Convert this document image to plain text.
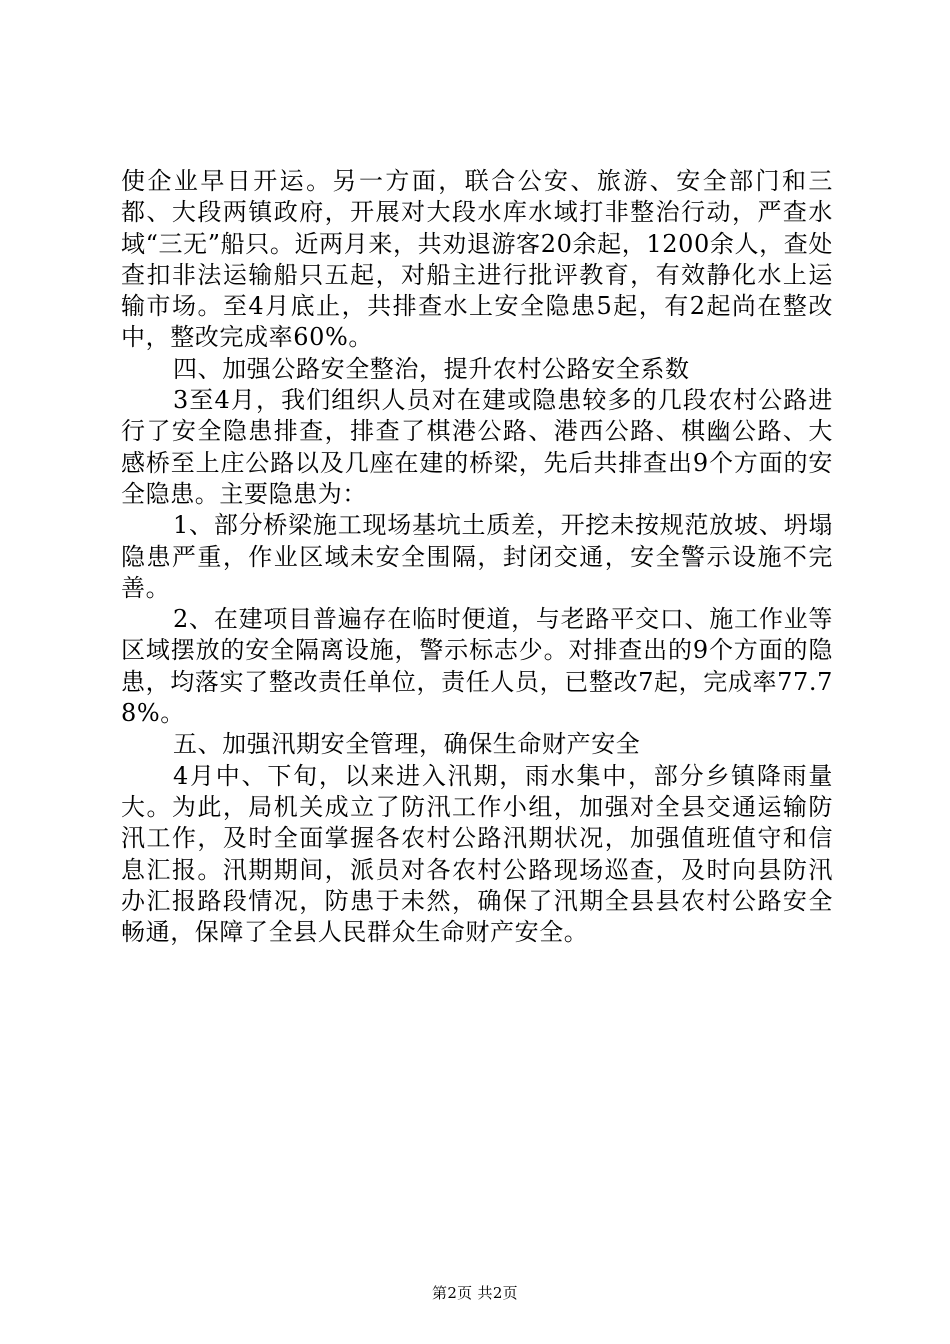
使企业早日开运。另一方面，联合公安、旅游、安全部门和三都、大段两镇政府，开展对大段水库水域打非整治行动，严查水域“三无”船只。近两月来，共劝退游客20余起，1200余人，查处查扣非法运输船只五起，对船主进行批评教育，有效静化水上运输市场。至4月底止，共排查水上安全隐患5起，有2起尚在整改中，整改完成率60%。

四、加强公路安全整治，提升农村公路安全系数

3至4月，我们组织人员对在建或隐患较多的几段农村公路进行了安全隐患排查，排查了棋港公路、港西公路、棋幽公路、大感桥至上庄公路以及几座在建的桥梁，先后共排查出9个方面的安全隐患。主要隐患为：

1、部分桥梁施工现场基坑土质差，开挖未按规范放坡、坍塌隐患严重，作业区域未安全围隔，封闭交通，安全警示设施不完善。

2、在建项目普遍存在临时便道，与老路平交口、施工作业等区域摆放的安全隔离设施，警示标志少。对排查出的9个方面的隐患，均落实了整改责任单位，责任人员，已整改7起，完成率77.78%。

五、加强汛期安全管理，确保生命财产安全

4月中、下旬，以来进入汛期，雨水集中，部分乡镇降雨量大。为此，局机关成立了防汛工作小组，加强对全县交通运输防汛工作，及时全面掌握各农村公路汛期状况，加强值班值守和信息汇报。汛期期间，派员对各农村公路现场巡查，及时向县防汛办汇报路段情况，防患于未然，确保了汛期全县县农村公路安全畅通，保障了全县人民群众生命财产安全。

第2页 共2页
